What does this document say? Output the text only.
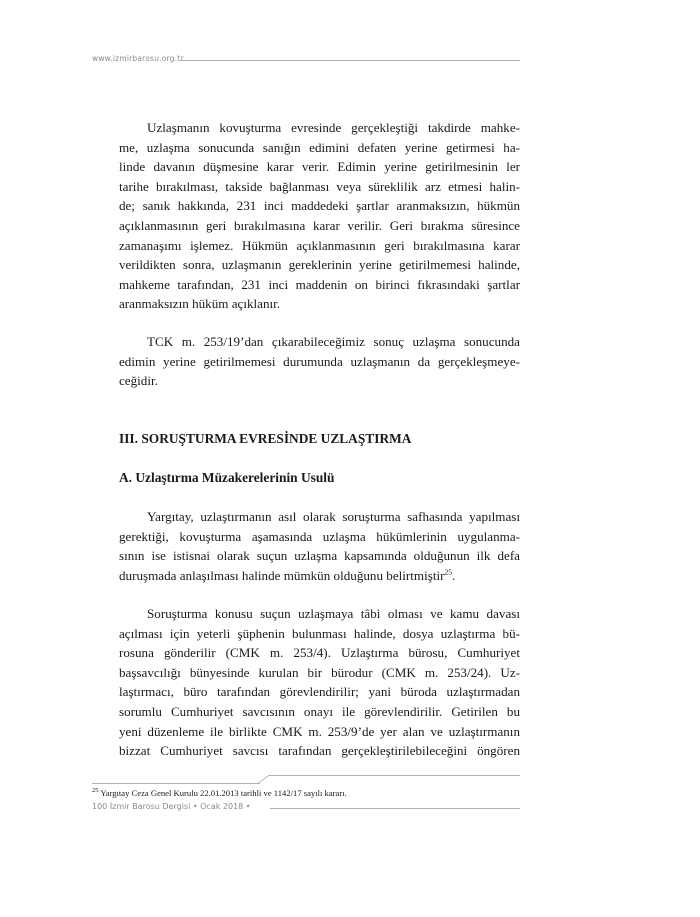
www.izmirbarosu.org.tr

Uzlaşmanın kovuşturma evresinde gerçekleştiği takdirde mahke-
me, uzlaşma sonucunda sanığın edimini defaten yerine getirmesi ha-
linde davanın düşmesine karar verir. Edimin yerine getirilmesinin ler
tarihe bırakılması, takside bağlanması veya süreklilik arz etmesi halin-
de; sanık hakkında, 231 inci maddedeki şartlar aranmaksızın, hükmün
açıklanmasının geri bırakılmasına karar verilir. Geri bırakma süresince
zamanaşımı işlemez. Hükmün açıklanmasının geri bırakılmasına karar
verildikten sonra, uzlaşmanın gereklerinin yerine getirilmemesi halinde,
mahkeme tarafından, 231 inci maddenin on birinci fıkrasındaki şartlar
aranmaksızın hüküm açıklanır.

TCK m. 253/19’dan çıkarabileceğimiz sonuç uzlaşma sonucunda
edimin yerine getirilmemesi durumunda uzlaşmanın da gerçekleşmeye-
ceğidir.

III. SORUŞTURMA EVRESİNDE UZLAŞTIRMA
A. Uzlaştırma Müzakerelerinin Usulü

Yargıtay, uzlaştırmanın asıl olarak soruşturma safhasında yapılması
gerektiği, kovuşturma aşamasında uzlaşma hükümlerinin uygulanma-
sının ise istisnai olarak suçun uzlaşma kapsamında olduğunun ilk defa
duruşmada anlaşılması halinde mümkün olduğunu belirtmiştir$^{25}$.

Soruşturma konusu suçun uzlaşmaya tâbi olması ve kamu davası
açılması için yeterli şüphenin bulunması halinde, dosya uzlaştırma bü-
rosuna gönderilir (CMK m. 253/4). Uzlaştırma bürosu, Cumhuriyet
başsavcılığı bünyesinde kurulan bir bürodur (CMK m. 253/24). Uz-
laştırmacı, büro tarafından görevlendirilir; yani büroda uzlaştırmadan
sorumlu Cumhuriyet savcısının onayı ile görevlendirilir. Getirilen bu
yeni düzenleme ile birlikte CMK m. 253/9’de yer alan ve uzlaştırmanın
bizzat Cumhuriyet savcısı tarafından gerçekleştirilebileceğini öngören

$^{25}$ Yargıtay Ceza Genel Kurulu 22.01.2013 tarihli ve 1142/17 sayılı kararı.
100 İzmir Barosu Dergisi • Ocak 2018 •
